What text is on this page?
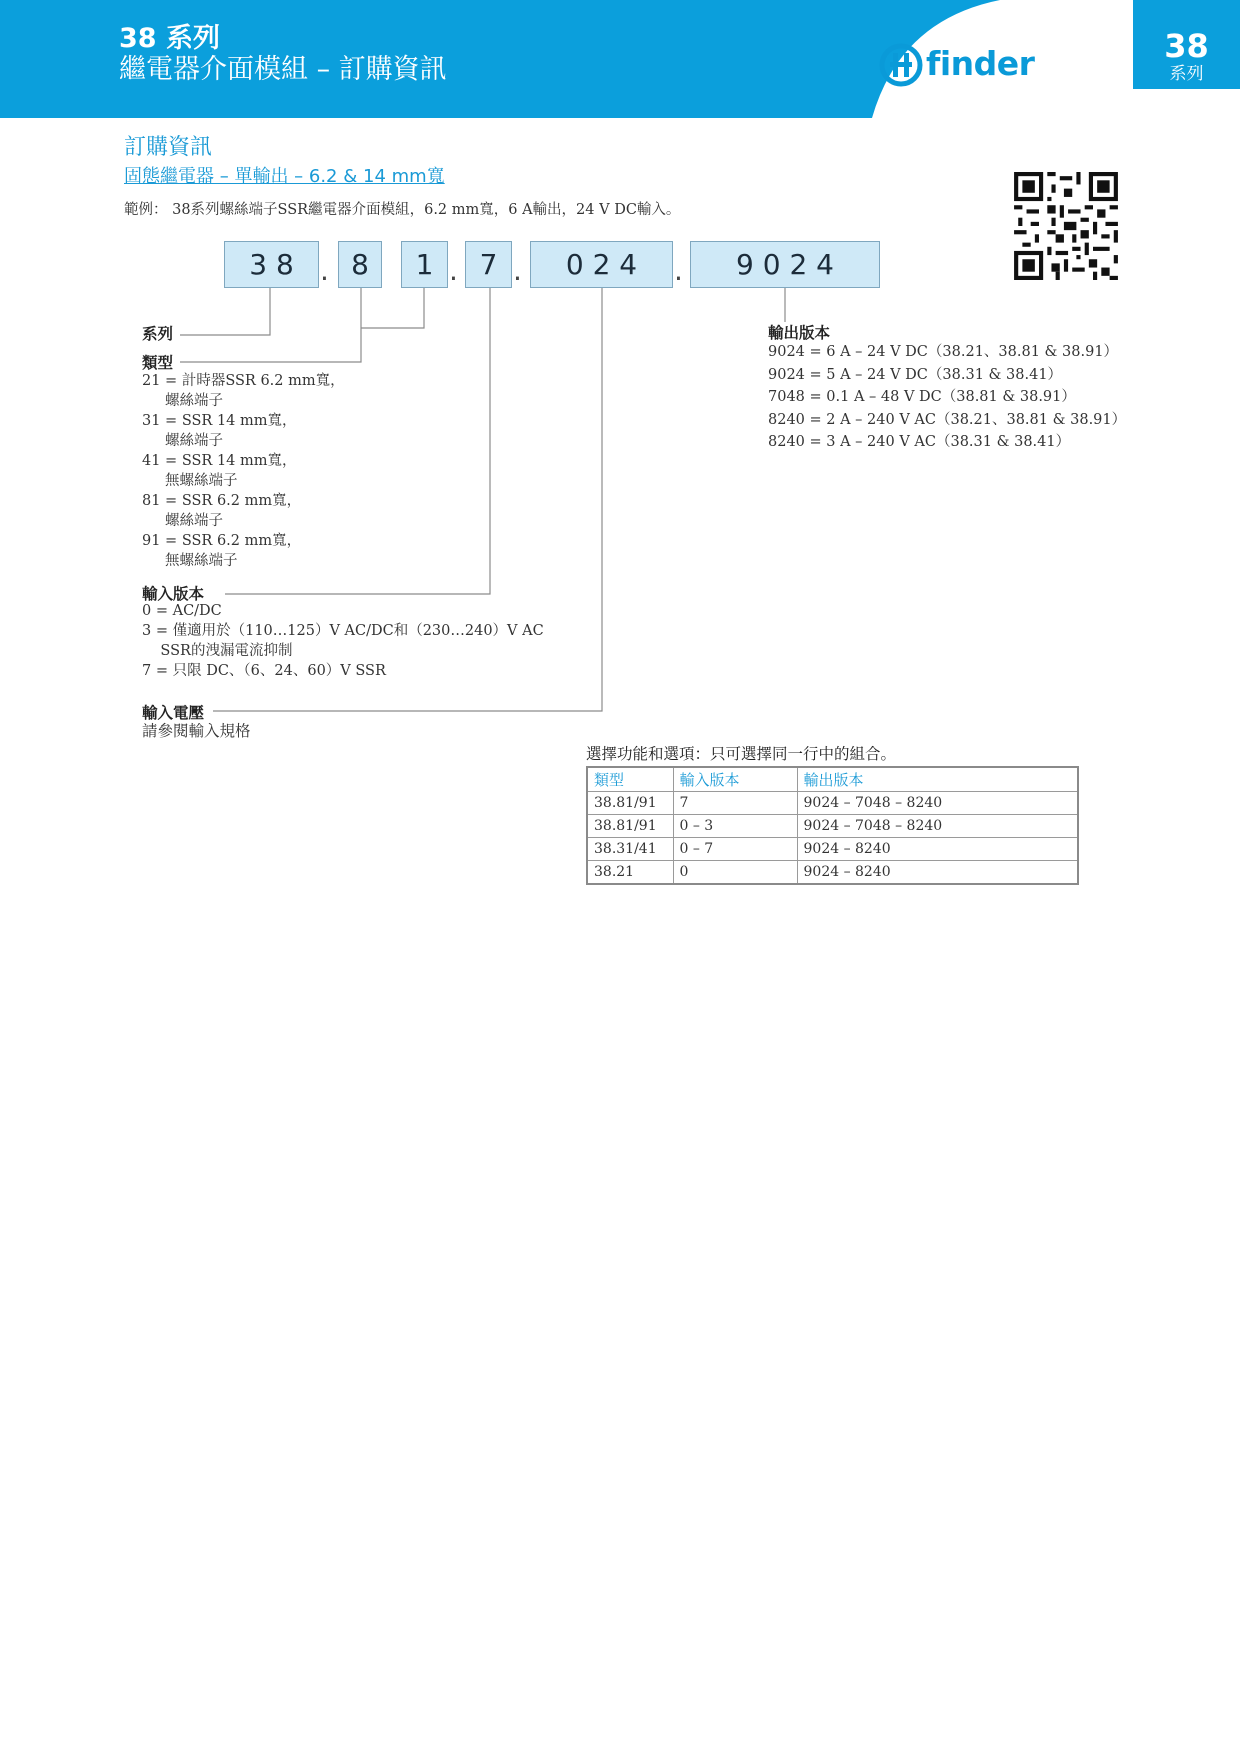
38 系列
繼電器介面模組 – 訂購資訊	finder	38
系列
訂購資訊
固態繼電器 – 單輸出 – 6.2 & 14 mm寬
範例： 38系列螺絲端子SSR繼電器介面模組，6.2 mm寬，6 A輸出，24 V DC輸入。
3 8 . 8	1 . 7 .	0 2 4	.	9 0 2 4
系列
類型
21 = 計時器SSR 6.2 mm寬，
螺絲端子
31 = SSR 14 mm寬，
螺絲端子
41 = SSR 14 mm寬，
無螺絲端子
81 = SSR 6.2 mm寬，
螺絲端子
91 = SSR 6.2 mm寬，
無螺絲端子
輸入版本
0 = AC/DC
3 = 僅適用於（110…125）V AC/DC和（230…240）V AC
SSR的洩漏電流抑制
7 = 只限 DC、（6、24、60）V SSR
輸入電壓
請參閱輸入規格
輸出版本
9024 = 6 A – 24 V DC（38.21、38.81 & 38.91）
9024 = 5 A – 24 V DC（38.31 & 38.41）
7048 = 0.1 A – 48 V DC（38.81 & 38.91）
8240 = 2 A – 240 V AC（38.21、38.81 & 38.91）
8240 = 3 A – 240 V AC（38.31 & 38.41）
選擇功能和選項：只可選擇同一行中的組合。
類型	輸入版本	輸出版本
38.81/91	7	9024 – 7048 – 8240
38.81/91	0 – 3	9024 – 7048 – 8240
38.31/41	0 – 7	9024 – 8240
38.21	0	9024 – 8240
